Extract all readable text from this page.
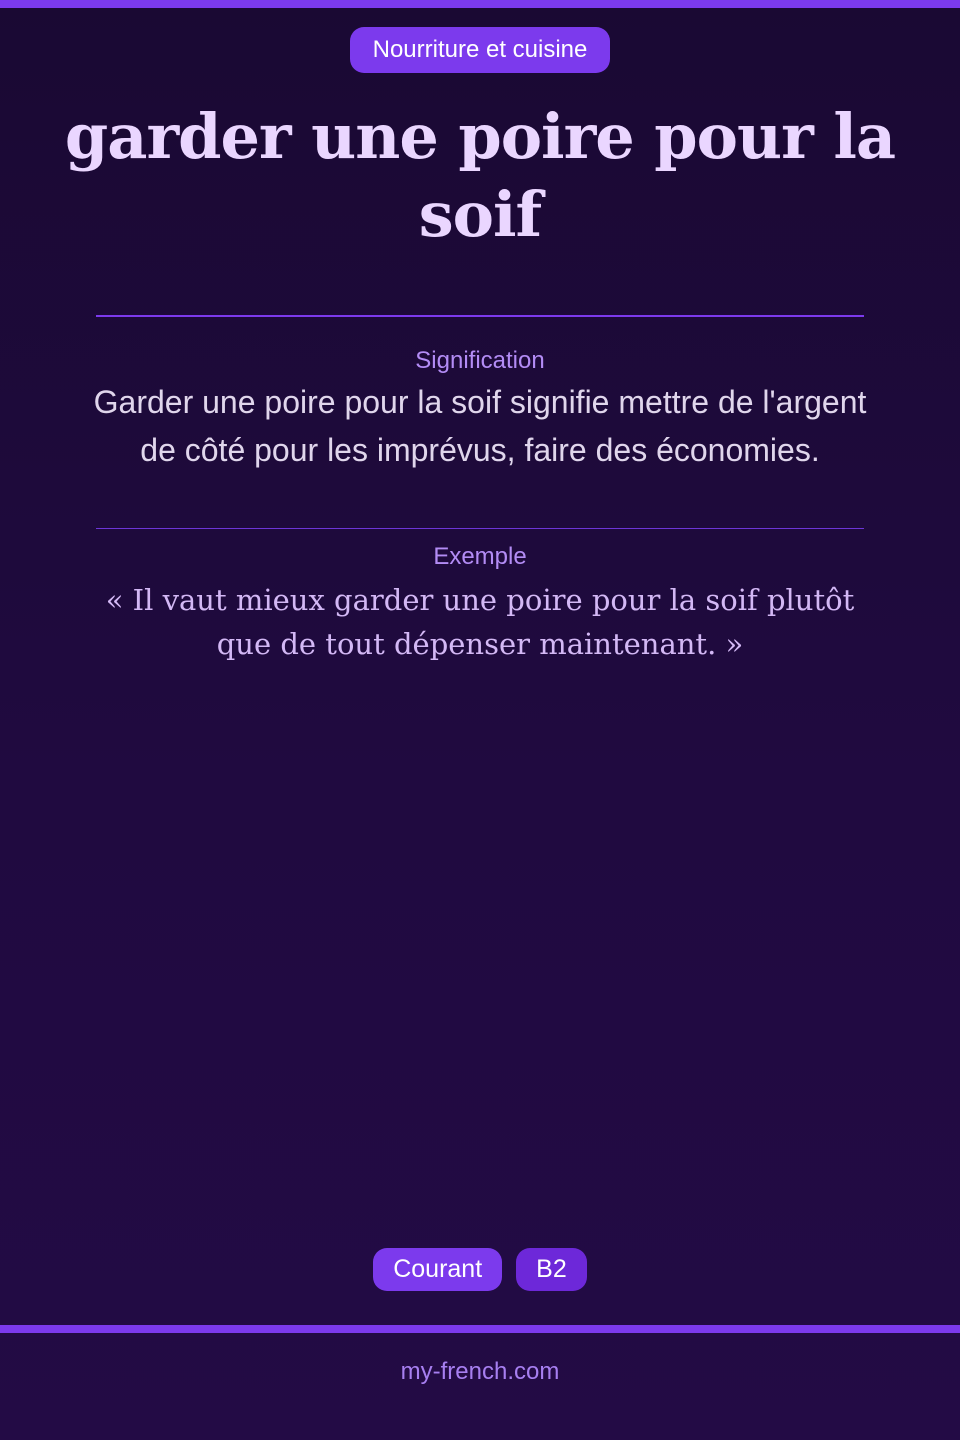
Nourriture et cuisine
garder une poire pour la soif
Signification

Garder une poire pour la soif signifie mettre de l'argent de côté pour les imprévus, faire des économies.

Exemple

« Il vaut mieux garder une poire pour la soif plutôt que de tout dépenser maintenant. »

Courant	B2
my-french.com
